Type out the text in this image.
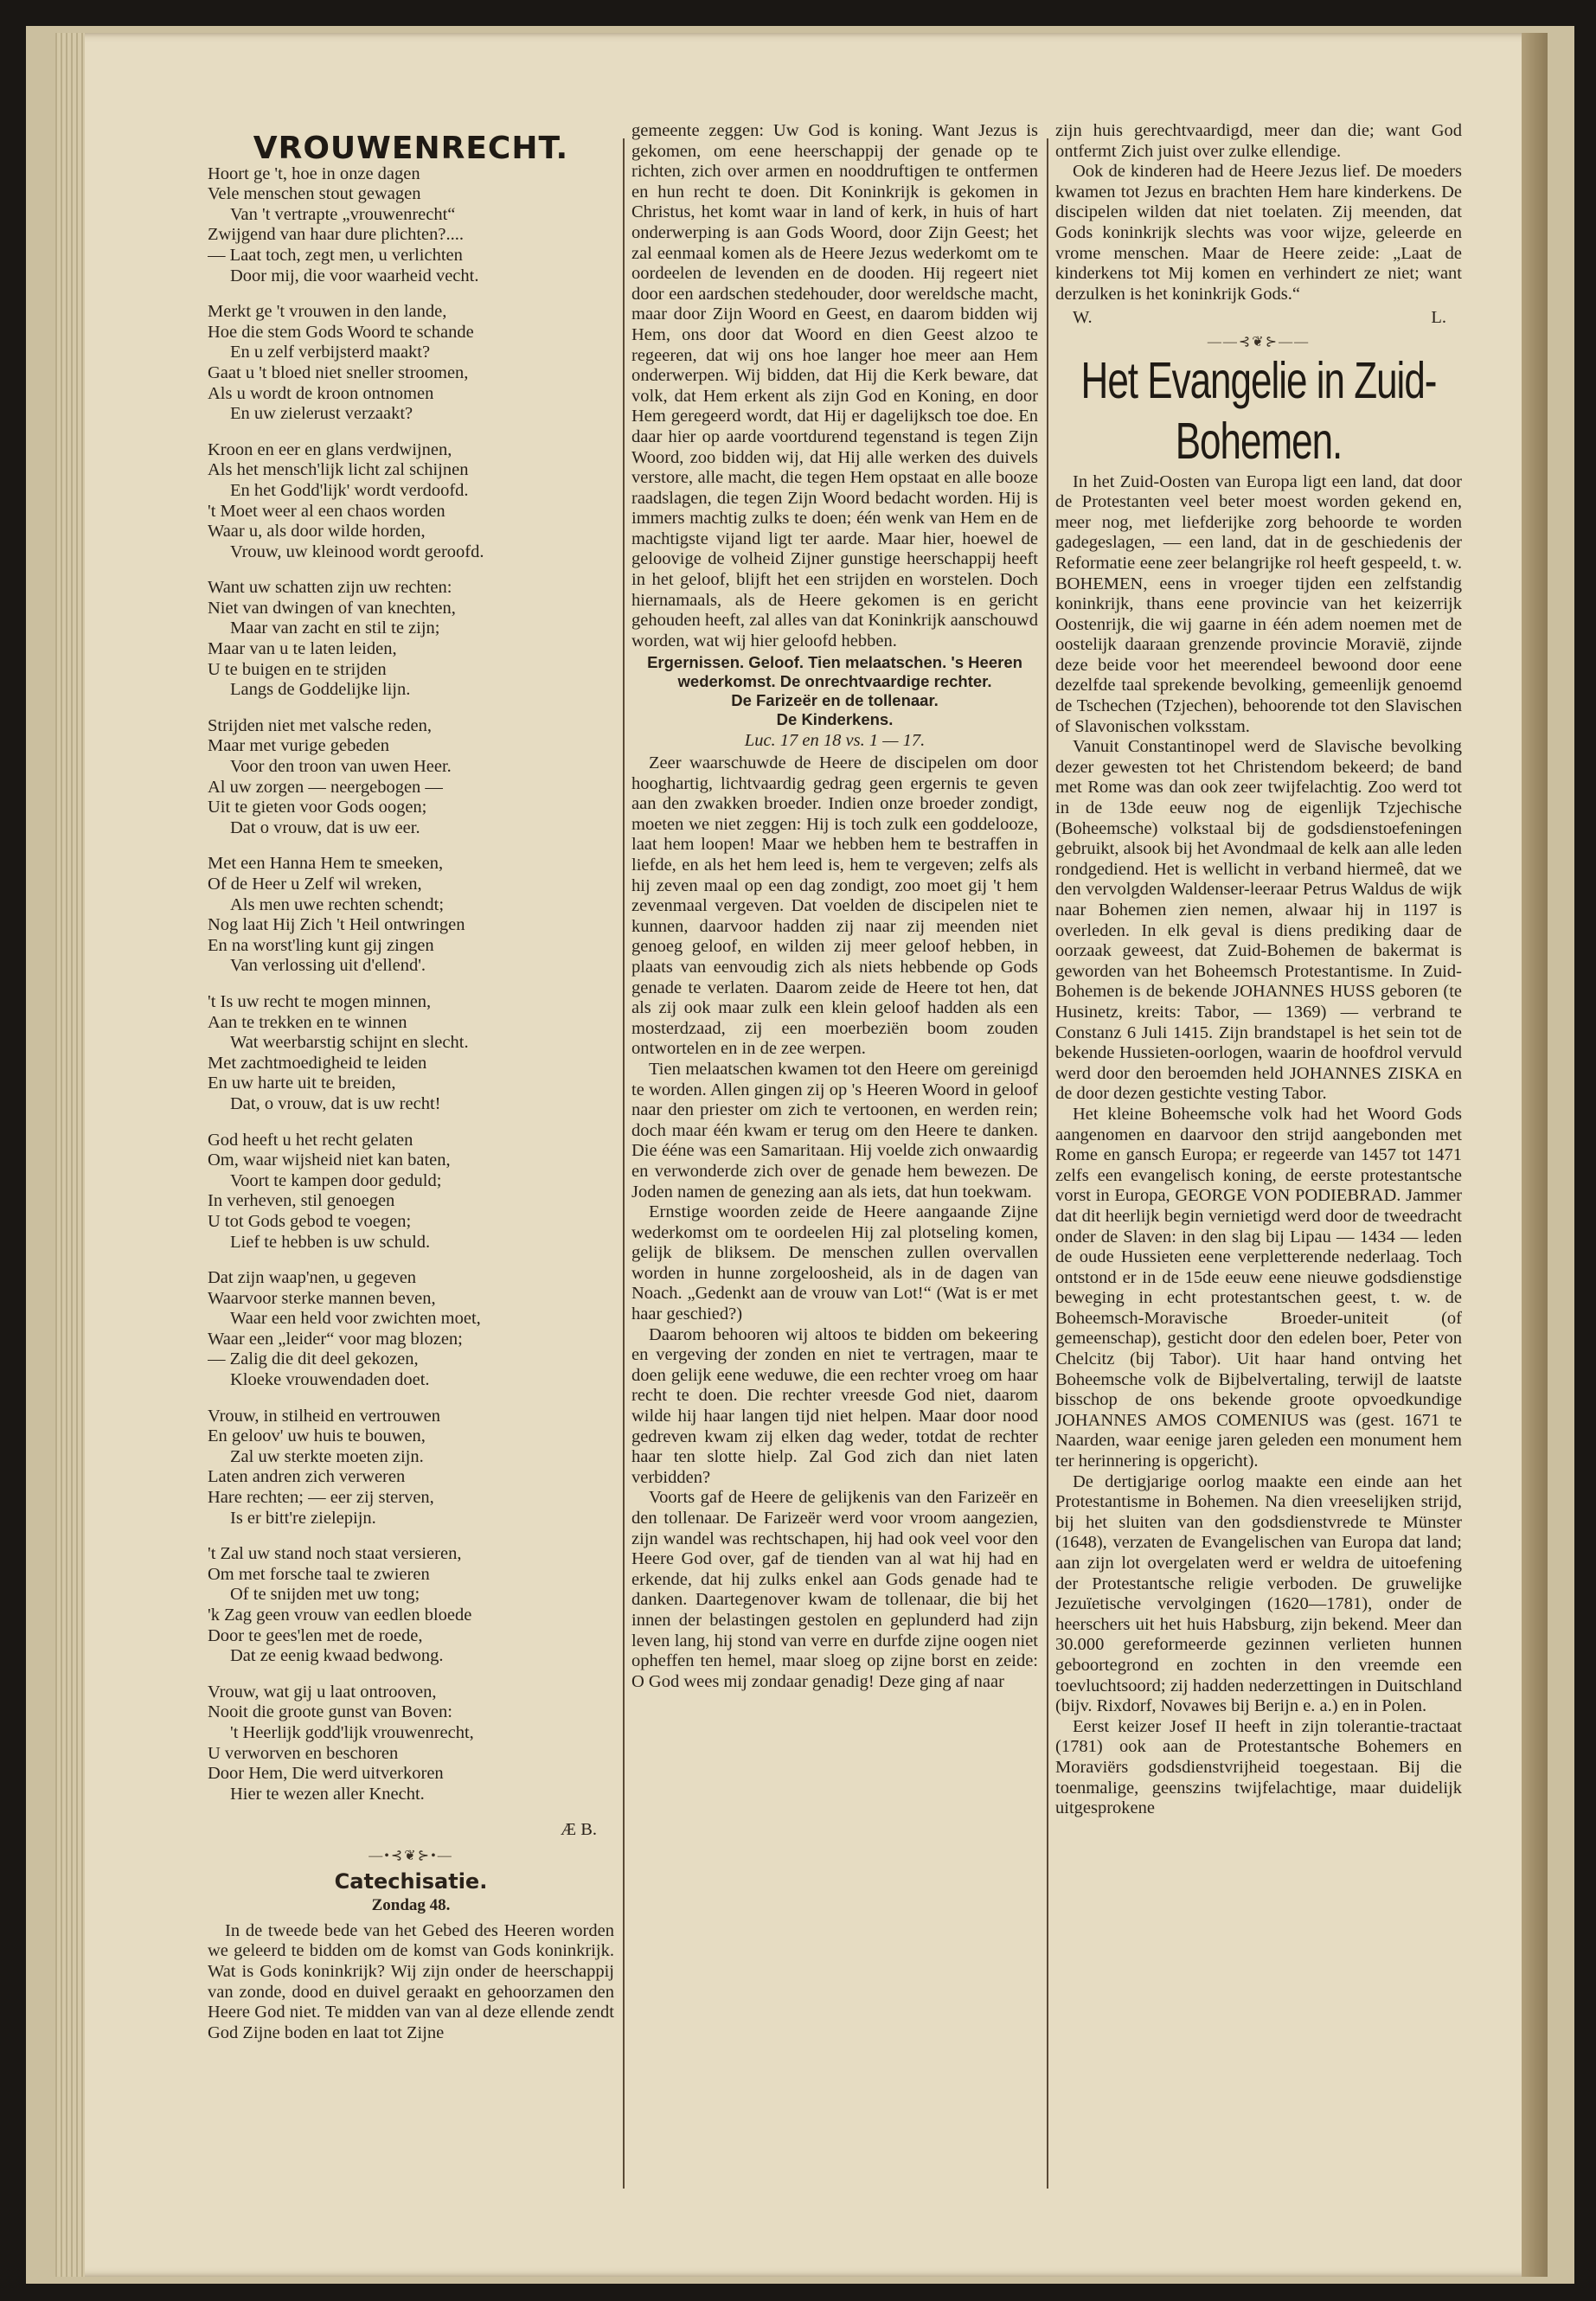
VROUWENRECHT.

Hoort ge 't, hoe in onze dagen

Vele menschen stout gewagen

Van 't vertrapte „vrouwenrecht“

Zwijgend van haar dure plichten?....

— Laat toch, zegt men, u verlichten

Door mij, die voor waarheid vecht.

Merkt ge 't vrouwen in den lande,

Hoe die stem Gods Woord te schande

En u zelf verbijsterd maakt?

Gaat u 't bloed niet sneller stroomen,

Als u wordt de kroon ontnomen

En uw zielerust verzaakt?

Kroon en eer en glans verdwijnen,

Als het mensch'lijk licht zal schijnen

En het Godd'lijk' wordt verdoofd.

't Moet weer al een chaos worden

Waar u, als door wilde horden,

Vrouw, uw kleinood wordt geroofd.

Want uw schatten zijn uw rechten:

Niet van dwingen of van knechten,

Maar van zacht en stil te zijn;

Maar van u te laten leiden,

U te buigen en te strijden

Langs de Goddelijke lijn.

Strijden niet met valsche reden,

Maar met vurige gebeden

Voor den troon van uwen Heer.

Al uw zorgen — neergebogen —

Uit te gieten voor Gods oogen;

Dat o vrouw, dat is uw eer.

Met een Hanna Hem te smeeken,

Of de Heer u Zelf wil wreken,

Als men uwe rechten schendt;

Nog laat Hij Zich 't Heil ontwringen

En na worst'ling kunt gij zingen

Van verlossing uit d'ellend'.

't Is uw recht te mogen minnen,

Aan te trekken en te winnen

Wat weerbarstig schijnt en slecht.

Met zachtmoedigheid te leiden

En uw harte uit te breiden,

Dat, o vrouw, dat is uw recht!

God heeft u het recht gelaten

Om, waar wijsheid niet kan baten,

Voort te kampen door geduld;

In verheven, stil genoegen

U tot Gods gebod te voegen;

Lief te hebben is uw schuld.

Dat zijn waap'nen, u gegeven

Waarvoor sterke mannen beven,

Waar een held voor zwichten moet,

Waar een „leider“ voor mag blozen;

— Zalig die dit deel gekozen,

Kloeke vrouwendaden doet.

Vrouw, in stilheid en vertrouwen

En geloov' uw huis te bouwen,

Zal uw sterkte moeten zijn.

Laten andren zich verweren

Hare rechten; — eer zij sterven,

Is er bitt're zielepijn.

't Zal uw stand noch staat versieren,

Om met forsche taal te zwieren

Of te snijden met uw tong;

'k Zag geen vrouw van eedlen bloede

Door te gees'len met de roede,

Dat ze eenig kwaad bedwong.

Vrouw, wat gij u laat ontrooven,

Nooit die groote gunst van Boven:

't Heerlijk godd'lijk vrouwenrecht,

U verworven en beschoren

Door Hem, Die werd uitverkoren

Hier te wezen aller Knecht.

Æ B.
—•⊰❦⊱•—
Catechisatie.
Zondag 48.

In de tweede bede van het Gebed des Heeren worden we geleerd te bidden om de komst van Gods koninkrijk. Wat is Gods koninkrijk? Wij zijn onder de heerschappij van zonde, dood en duivel geraakt en gehoorzamen den Heere God niet. Te midden van van al deze ellende zendt God Zijne boden en laat tot Zijne

gemeente zeggen: Uw God is koning. Want Jezus is gekomen, om eene heerschappij der genade op te richten, zich over armen en nooddruftigen te ontfermen en hun recht te doen. Dit Koninkrijk is gekomen in Christus, het komt waar in land of kerk, in huis of hart onderwerping is aan Gods Woord, door Zijn Geest; het zal eenmaal komen als de Heere Jezus wederkomt om te oordeelen de levenden en de dooden. Hij regeert niet door een aardschen stedehouder, door wereldsche macht, maar door Zijn Woord en Geest, en daarom bidden wij Hem, ons door dat Woord en dien Geest alzoo te regeeren, dat wij ons hoe langer hoe meer aan Hem onderwerpen. Wij bidden, dat Hij die Kerk beware, dat volk, dat Hem erkent als zijn God en Koning, en door Hem geregeerd wordt, dat Hij er dagelijksch toe doe. En daar hier op aarde voortdurend tegenstand is tegen Zijn Woord, zoo bidden wij, dat Hij alle werken des duivels verstore, alle macht, die tegen Hem opstaat en alle booze raadslagen, die tegen Zijn Woord bedacht worden. Hij is immers machtig zulks te doen; één wenk van Hem en de machtigste vijand ligt ter aarde. Maar hier, hoewel de geloovige de volheid Zijner gunstige heerschappij heeft in het geloof, blijft het een strijden en worstelen. Doch hiernamaals, als de Heere gekomen is en gericht gehouden heeft, zal alles van dat Koninkrijk aanschouwd worden, wat wij hier geloofd hebben.

Ergernissen. Geloof. Tien melaatschen. 's Heeren wederkomst. De onrechtvaardige rechter.

De Farizeër en de tollenaar.

De Kinderkens.

Luc. 17 en 18 vs. 1 — 17.

Zeer waarschuwde de Heere de discipelen om door hooghartig, lichtvaardig gedrag geen ergernis te geven aan den zwakken broeder. Indien onze broeder zondigt, moeten we niet zeggen: Hij is toch zulk een goddelooze, laat hem loopen! Maar we hebben hem te bestraffen in liefde, en als het hem leed is, hem te vergeven; zelfs als hij zeven maal op een dag zondigt, zoo moet gij 't hem zevenmaal vergeven. Dat voelden de discipelen niet te kunnen, daarvoor hadden zij naar zij meenden niet genoeg geloof, en wilden zij meer geloof hebben, in plaats van eenvoudig zich als niets hebbende op Gods genade te verlaten. Daarom zeide de Heere tot hen, dat als zij ook maar zulk een klein geloof hadden als een mosterdzaad, zij een moerbeziën boom zouden ontwortelen en in de zee werpen.

Tien melaatschen kwamen tot den Heere om gereinigd te worden. Allen gingen zij op 's Heeren Woord in geloof naar den priester om zich te vertoonen, en werden rein; doch maar één kwam er terug om den Heere te danken. Die ééne was een Samaritaan. Hij voelde zich onwaardig en verwonderde zich over de genade hem bewezen. De Joden namen de genezing aan als iets, dat hun toekwam.

Ernstige woorden zeide de Heere aangaande Zijne wederkomst om te oordeelen Hij zal plotseling komen, gelijk de bliksem. De menschen zullen overvallen worden in hunne zorgeloosheid, als in de dagen van Noach. „Gedenkt aan de vrouw van Lot!“ (Wat is er met haar geschied?)

Daarom behooren wij altoos te bidden om bekeering en vergeving der zonden en niet te vertragen, maar te doen gelijk eene weduwe, die een rechter vroeg om haar recht te doen. Die rechter vreesde God niet, daarom wilde hij haar langen tijd niet helpen. Maar door nood gedreven kwam zij elken dag weder, totdat de rechter haar ten slotte hielp. Zal God zich dan niet laten verbidden?

Voorts gaf de Heere de gelijkenis van den Farizeër en den tollenaar. De Farizeër werd voor vroom aangezien, zijn wandel was rechtschapen, hij had ook veel voor den Heere God over, gaf de tienden van al wat hij had en erkende, dat hij zulks enkel aan Gods genade had te danken. Daartegenover kwam de tollenaar, die bij het innen der belastingen gestolen en geplunderd had zijn leven lang, hij stond van verre en durfde zijne oogen niet opheffen ten hemel, maar sloeg op zijne borst en zeide: O God wees mij zondaar genadig! Deze ging af naar

zijn huis gerechtvaardigd, meer dan die; want God ontfermt Zich juist over zulke ellendige.

Ook de kinderen had de Heere Jezus lief. De moeders kwamen tot Jezus en brachten Hem hare kinderkens. De discipelen wilden dat niet toelaten. Zij meenden, dat Gods koninkrijk slechts was voor wijze, geleerde en vrome menschen. Maar de Heere zeide: „Laat de kinderkens tot Mij komen en verhindert ze niet; want derzulken is het koninkrijk Gods.“

W.	L.
——⊰❦⊱——
Het Evangelie in Zuid-Bohemen.

In het Zuid-Oosten van Europa ligt een land, dat door de Protestanten veel beter moest worden gekend en, meer nog, met liefderijke zorg behoorde te worden gadegeslagen, — een land, dat in de geschiedenis der Reformatie eene zeer belangrijke rol heeft gespeeld, t. w. BOHEMEN, eens in vroeger tijden een zelfstandig koninkrijk, thans eene provincie van het keizerrijk Oostenrijk, die wij gaarne in één adem noemen met de oostelijk daaraan grenzende provincie Moravië, zijnde deze beide voor het meerendeel bewoond door eene dezelfde taal sprekende bevolking, gemeenlijk genoemd de Tschechen (Tzjechen), behoorende tot den Slavischen of Slavonischen volksstam.

Vanuit Constantinopel werd de Slavische bevolking dezer gewesten tot het Christendom bekeerd; de band met Rome was dan ook zeer twijfelachtig. Zoo werd tot in de 13de eeuw nog de eigenlijk Tzjechische (Boheemsche) volkstaal bij de godsdienstoefeningen gebruikt, alsook bij het Avondmaal de kelk aan alle leden rondgediend. Het is wellicht in verband hiermeê, dat we den vervolgden Waldenser-leeraar Petrus Waldus de wijk naar Bohemen zien nemen, alwaar hij in 1197 is overleden. In elk geval is diens prediking daar de oorzaak geweest, dat Zuid-Bohemen de bakermat is geworden van het Boheemsch Protestantisme. In Zuid-Bohemen is de bekende JOHANNES HUSS geboren (te Husinetz, kreits: Tabor, — 1369) — verbrand te Constanz 6 Juli 1415. Zijn brandstapel is het sein tot de bekende Hussieten-oorlogen, waarin de hoofdrol vervuld werd door den beroemden held JOHANNES ZISKA en de door dezen gestichte vesting Tabor.

Het kleine Boheemsche volk had het Woord Gods aangenomen en daarvoor den strijd aangebonden met Rome en gansch Europa; er regeerde van 1457 tot 1471 zelfs een evangelisch koning, de eerste protestantsche vorst in Europa, GEORGE VON PODIEBRAD. Jammer dat dit heerlijk begin vernietigd werd door de tweedracht onder de Slaven: in den slag bij Lipau — 1434 — leden de oude Hussieten eene verpletterende nederlaag. Toch ontstond er in de 15de eeuw eene nieuwe godsdienstige beweging in echt protestantschen geest, t. w. de Boheemsch-Moravische Broeder-uniteit (of gemeenschap), gesticht door den edelen boer, Peter von Chelcitz (bij Tabor). Uit haar hand ontving het Boheemsche volk de Bijbelvertaling, terwijl de laatste bisschop de ons bekende groote opvoedkundige JOHANNES AMOS COMENIUS was (gest. 1671 te Naarden, waar eenige jaren geleden een monument hem ter herinnering is opgericht).

De dertigjarige oorlog maakte een einde aan het Protestantisme in Bohemen. Na dien vreeselijken strijd, bij het sluiten van den godsdienstvrede te Münster (1648), verzaten de Evangelischen van Europa dat land; aan zijn lot overgelaten werd er weldra de uitoefening der Protestantsche religie verboden. De gruwelijke Jezuïetische vervolgingen (1620—1781), onder de heerschers uit het huis Habsburg, zijn bekend. Meer dan 30.000 gereformeerde gezinnen verlieten hunnen geboortegrond en zochten in den vreemde een toevluchtsoord; zij hadden nederzettingen in Duitschland (bijv. Rixdorf, Novawes bij Berijn e. a.) en in Polen.

Eerst keizer Josef II heeft in zijn tolerantie-tractaat (1781) ook aan de Protestantsche Bohemers en Moraviërs godsdienstvrijheid toegestaan. Bij die toenmalige, geenszins twijfelachtige, maar duidelijk uitgesprokene
